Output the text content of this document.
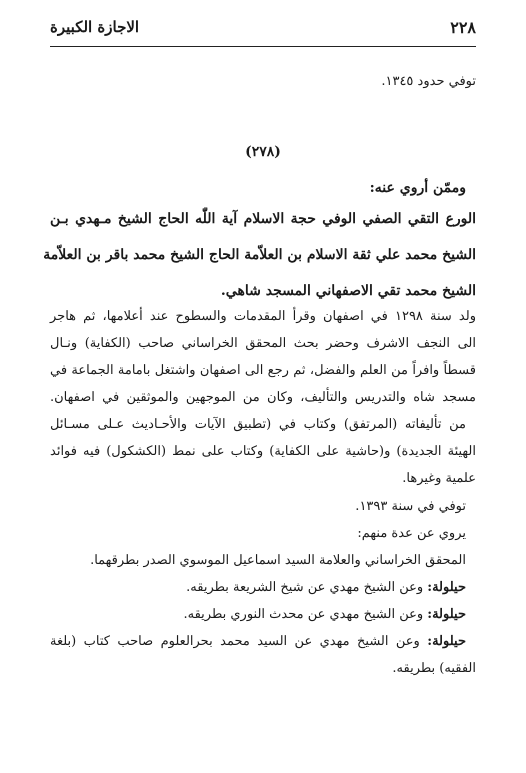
٢٢٨
الاجازة الكبيرة
توفي حدود ١٣٤٥.
(٢٧٨)
وممّن أروي عنه:
الورع التقي الصفي الوفي حجة الاسلام آية اللّٰه الحاج الشيخ مـهدي بـن
الشيخ محمد علي ثقة الاسلام بن العلاّمة الحاج الشيخ محمد باقر بن العلاّمة
الشيخ محمد تقي الاصفهاني المسجد شاهي.
ولد سنة ١٢٩٨ في اصفهان وقرأ المقدمات والسطوح عند أعلامها، ثم هاجر
الى النجف الاشرف وحضر بحث المحقق الخراساني صاحب (الكفاية) ونـال
قسطاً وافراً من العلم والفضل، ثم رجع الى اصفهان واشتغل بامامة الجماعة في
مسجد شاه والتدريس والتأليف، وكان من الموجهين والموثقين في اصفهان.
من تأليفاته (المرتفق) وكتاب في (تطبيق الآيات والأحـاديث عـلى مسـائل
الهيئة الجديدة) و(حاشية على الكفاية) وكتاب على نمط (الكشكول) فيه فوائد
علمية وغيرها.
توفي في سنة ١٣٩٣.
يروي عن عدة منهم:
المحقق الخراساني والعلامة السيد اسماعيل الموسوي الصدر بطرقهما.
حيلولة: وعن الشيخ مهدي عن شيخ الشريعة بطريقه.
حيلولة: وعن الشيخ مهدي عن محدث النوري بطريقه.
حيلولة: وعن الشيخ مهدي عن السيد محمد بحرالعلوم صاحب كتاب (بلغة
الفقيه) بطريقه.
